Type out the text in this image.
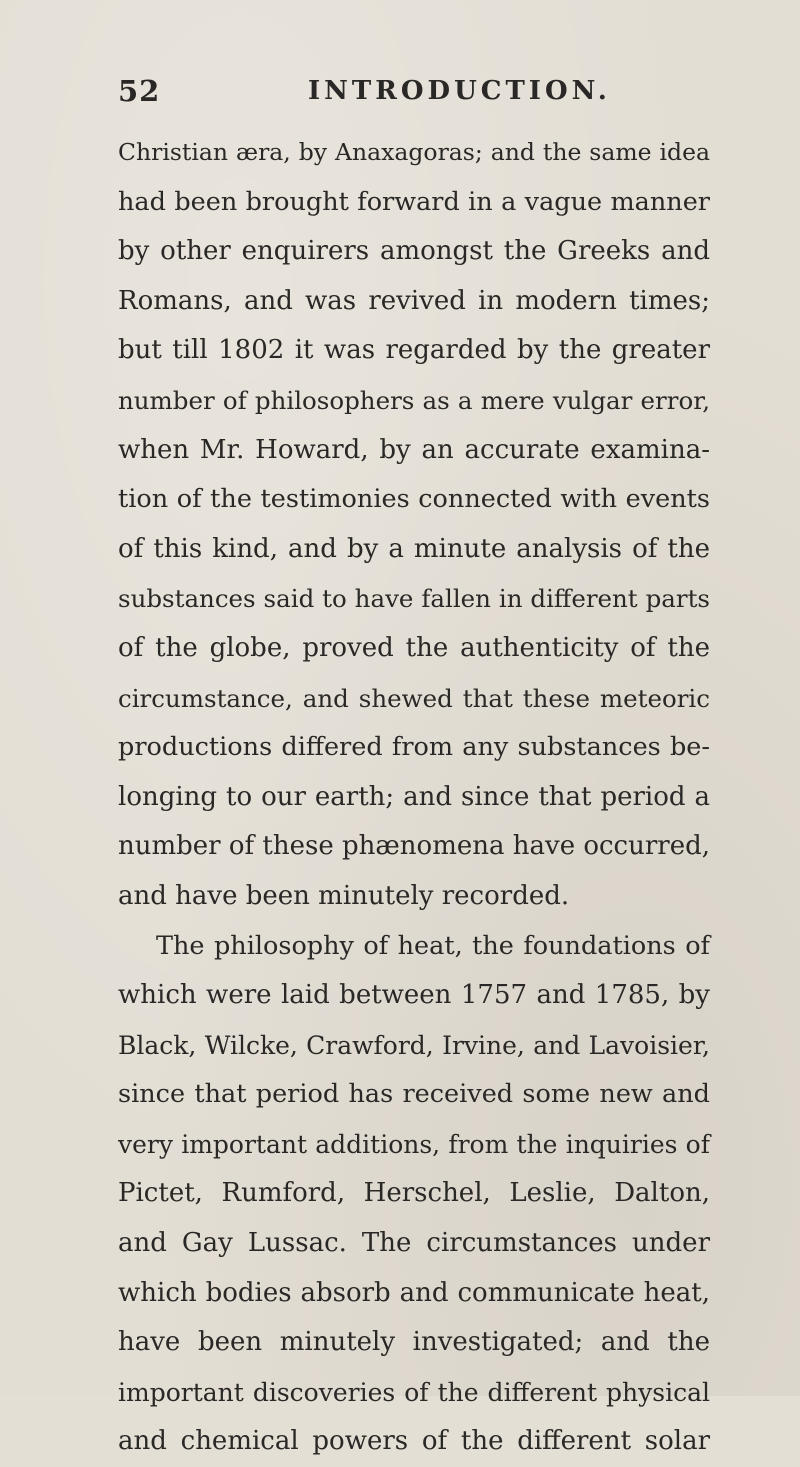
52	INTRODUCTION.
Christian æra, by Anaxagoras; and the same idea
had been brought forward in a vague manner
by other enquirers amongst the Greeks and
Romans, and was revived in modern times;
but till 1802 it was regarded by the greater
number of philosophers as a mere vulgar error,
when Mr. Howard, by an accurate examina-
tion of the testimonies connected with events
of this kind, and by a minute analysis of the
substances said to have fallen in different parts
of the globe, proved the authenticity of the
circumstance, and shewed that these meteoric
productions differed from any substances be-
longing to our earth; and since that period a
number of these phænomena have occurred,
and have been minutely recorded.
The philosophy of heat, the foundations of
which were laid between 1757 and 1785, by
Black, Wilcke, Crawford, Irvine, and Lavoisier,
since that period has received some new and
very important additions, from the inquiries of
Pictet, Rumford, Herschel, Leslie, Dalton,
and Gay Lussac. The circumstances under
which bodies absorb and communicate heat,
have been minutely investigated; and the
important discoveries of the different physical
and chemical powers of the different solar
